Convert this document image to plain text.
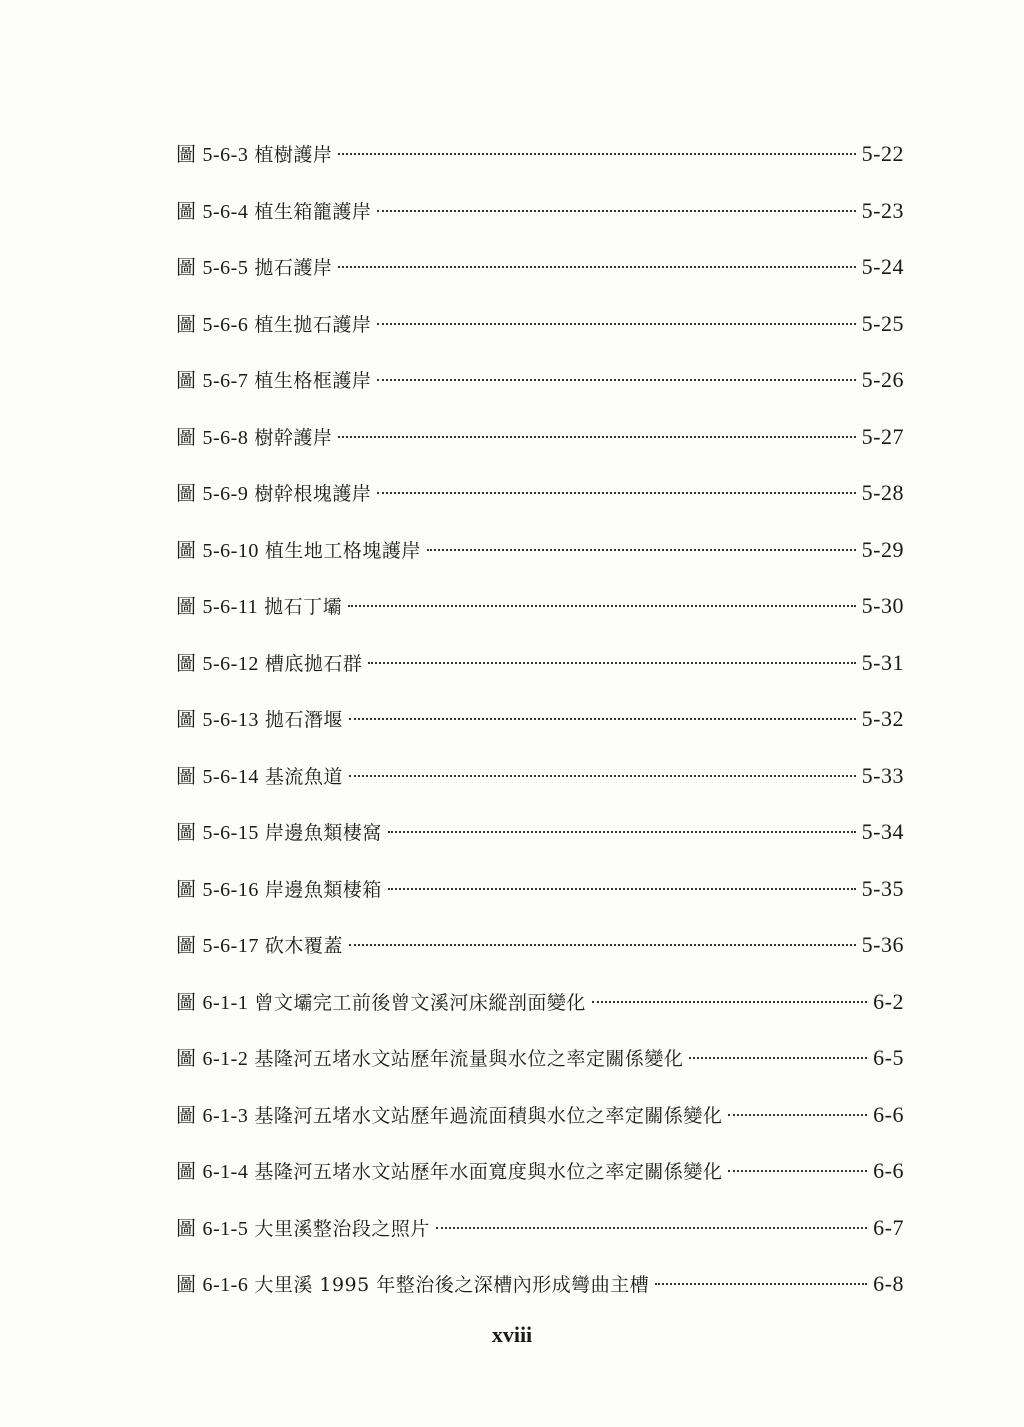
圖 5-6-3 植樹護岸	5-22
圖 5-6-4 植生箱籠護岸	5-23
圖 5-6-5 拋石護岸	5-24
圖 5-6-6 植生拋石護岸	5-25
圖 5-6-7 植生格框護岸	5-26
圖 5-6-8 樹幹護岸	5-27
圖 5-6-9 樹幹根塊護岸	5-28
圖 5-6-10 植生地工格塊護岸	5-29
圖 5-6-11 拋石丁壩	5-30
圖 5-6-12 槽底拋石群	5-31
圖 5-6-13 拋石潛堰	5-32
圖 5-6-14 基流魚道	5-33
圖 5-6-15 岸邊魚類棲窩	5-34
圖 5-6-16 岸邊魚類棲箱	5-35
圖 5-6-17 砍木覆蓋	5-36
圖 6-1-1 曾文壩完工前後曾文溪河床縱剖面變化	6-2
圖 6-1-2 基隆河五堵水文站歷年流量與水位之率定關係變化	6-5
圖 6-1-3 基隆河五堵水文站歷年過流面積與水位之率定關係變化	6-6
圖 6-1-4 基隆河五堵水文站歷年水面寬度與水位之率定關係變化	6-6
圖 6-1-5 大里溪整治段之照片	6-7
圖 6-1-6 大里溪 1995 年整治後之深槽內形成彎曲主槽	6-8
xviii
